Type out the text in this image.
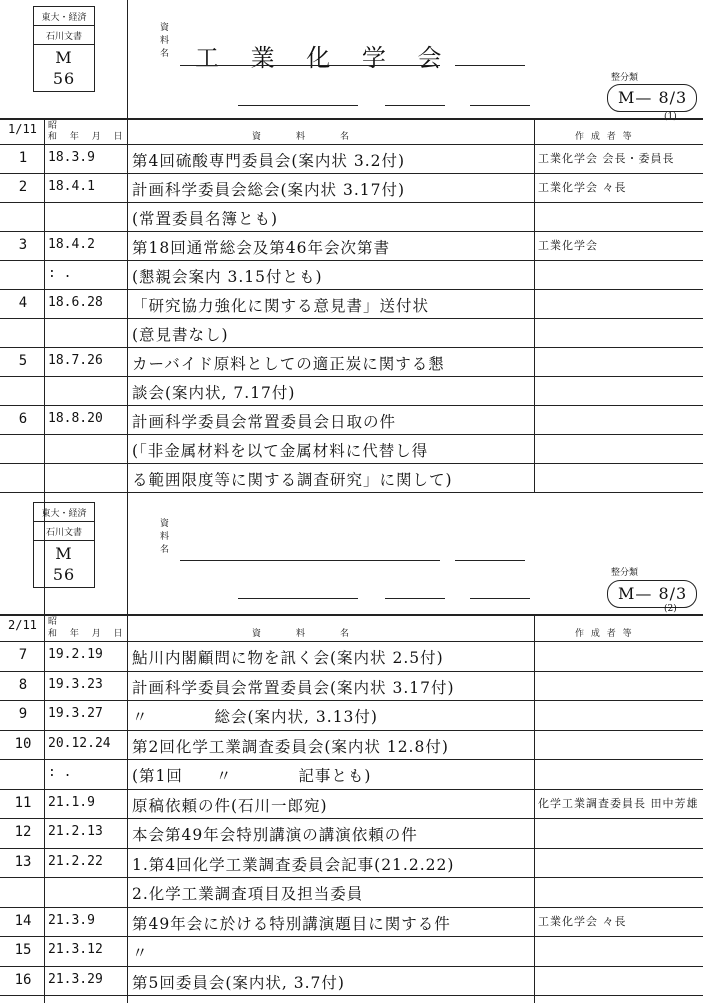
東大・経済
石川文書
M
56
資
料
名 工 業 化 学 会
整分類
M— 8/3
(1)
1/11 昭
和 年 月 日	資　　　料　　　名	作 成 者 等
1	18.3.9	第4回硫酸専門委員会(案内状 3.2付)	工業化学会 会長・委員長
2	18.4.1	計画科学委員会総会(案内状 3.17付)	工業化学会 々長
(常置委員名簿とも)
3	18.4.2	第18回通常総会及第46年会次第書	工業化学会
: .	(懇親会案内 3.15付とも)
4	18.6.28	「研究協力強化に関する意見書」送付状
(意見書なし)
5	18.7.26	カーバイド原料としての適正炭に関する懇
談会(案内状, 7.17付)
6	18.8.20	計画科学委員会常置委員会日取の件
(「非金属材料を以て金属材料に代替し得
る範囲限度等に関する調査研究」に関して)
東大・経済
石川文書
M
56
資
料
名
整分類
M— 8/3
(2)
2/11 昭
和 年 月 日	資　　　料　　　名	作 成 者 等
7	19.2.19	鮎川内閣顧問に物を訊く会(案内状 2.5付)
8	19.3.23	計画科学委員会常置委員会(案内状 3.17付)
9	19.3.27	〃　　　　総会(案内状, 3.13付)
10	20.12.24	第2回化学工業調査委員会(案内状 12.8付)
: .	(第1回　　〃　　　　記事とも)
11	21.1.9	原稿依頼の件(石川一郎宛)	化学工業調査委員長 田中芳雄
12	21.2.13	本会第49年会特別講演の講演依頼の件
13	21.2.22	1.第4回化学工業調査委員会記事(21.2.22)
2.化学工業調査項目及担当委員
14	21.3.9	第49年会に於ける特別講演題目に関する件	工業化学会 々長
15	21.3.12	〃
16	21.3.29	第5回委員会(案内状, 3.7付)
